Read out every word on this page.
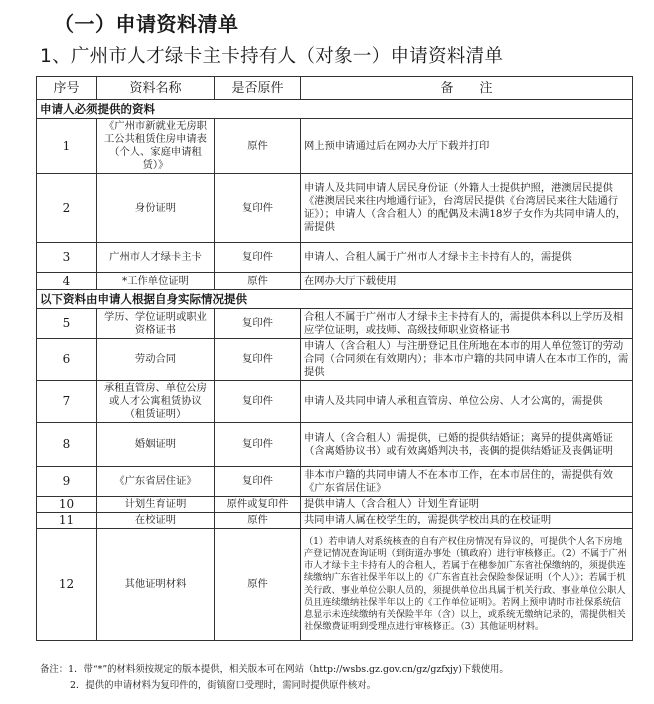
（一）申请资料清单
1、广州市人才绿卡主卡持有人（对象一）申请资料清单
序号	资料名称	是否原件	备　　注
申请人必须提供的资料			
1	《广州市新就业无房职工公共租赁住房申请表（个人、家庭申请租赁）》	原件	网上预申请通过后在网办大厅下载并打印
2	身份证明	复印件	申请人及共同申请人居民身份证（外籍人士提供护照，港澳居民提供《港澳居民来往内地通行证》，台湾居民提供《台湾居民来往大陆通行证》）；申请人（含合租人）的配偶及未满18岁子女作为共同申请人的，需提供
3	广州市人才绿卡主卡	复印件	申请人、合租人属于广州市人才绿卡主卡持有人的，需提供
4	*工作单位证明	原件	在网办大厅下载使用
以下资料由申请人根据自身实际情况提供			
5	学历、学位证明或职业资格证书	复印件	合租人不属于广州市人才绿卡主卡持有人的，需提供本科以上学历及相应学位证明，或技师、高级技师职业资格证书
6	劳动合同	复印件	申请人（含合租人）与注册登记且住所地在本市的用人单位签订的劳动合同（合同须在有效期内）；非本市户籍的共同申请人在本市工作的，需提供
7	承租直管房、单位公房或人才公寓租赁协议（租赁证明）	复印件	申请人及共同申请人承租直管房、单位公房、人才公寓的，需提供
8	婚姻证明	复印件	申请人（含合租人）需提供，已婚的提供结婚证；离异的提供离婚证（含离婚协议书）或有效离婚判决书，丧偶的提供结婚证及丧偶证明
9	《广东省居住证》	复印件	非本市户籍的共同申请人不在本市工作，在本市居住的，需提供有效《广东省居住证》
10	计划生育证明	原件或复印件	提供申请人（含合租人）计划生育证明
11	在校证明	原件	共同申请人属在校学生的，需提供学校出具的在校证明
12	其他证明材料	原件	（1）若申请人对系统核查的自有产权住房情况有异议的，可提供个人名下房地产登记情况查询证明（到街道办事处（镇政府）进行审核修正。（2）不属于广州市人才绿卡主卡持有人的合租人，若属于在穗参加广东省社保缴纳的，须提供连续缴纳广东省社保半年以上的《广东省直社会保险参保证明（个人）》；若属于机关行政、事业单位公职人员的，须提供单位出具属于机关行政、事业单位公职人员且连续缴纳社保半年以上的《工作单位证明》。若网上预申请时市社保系统信息显示未连续缴纳有关保险半年（含）以上，或系统无缴纳记录的，需提供相关社保缴费证明到受理点进行审核修正。（3）其他证明材料。
备注：1．带“*”的材料须按规定的版本提供，相关版本可在网站（http://wsbs.gz.gov.cn/gz/gzfxjy)下载使用。
2．提供的申请材料为复印件的，街镇窗口受理时，需同时提供原件核对。
